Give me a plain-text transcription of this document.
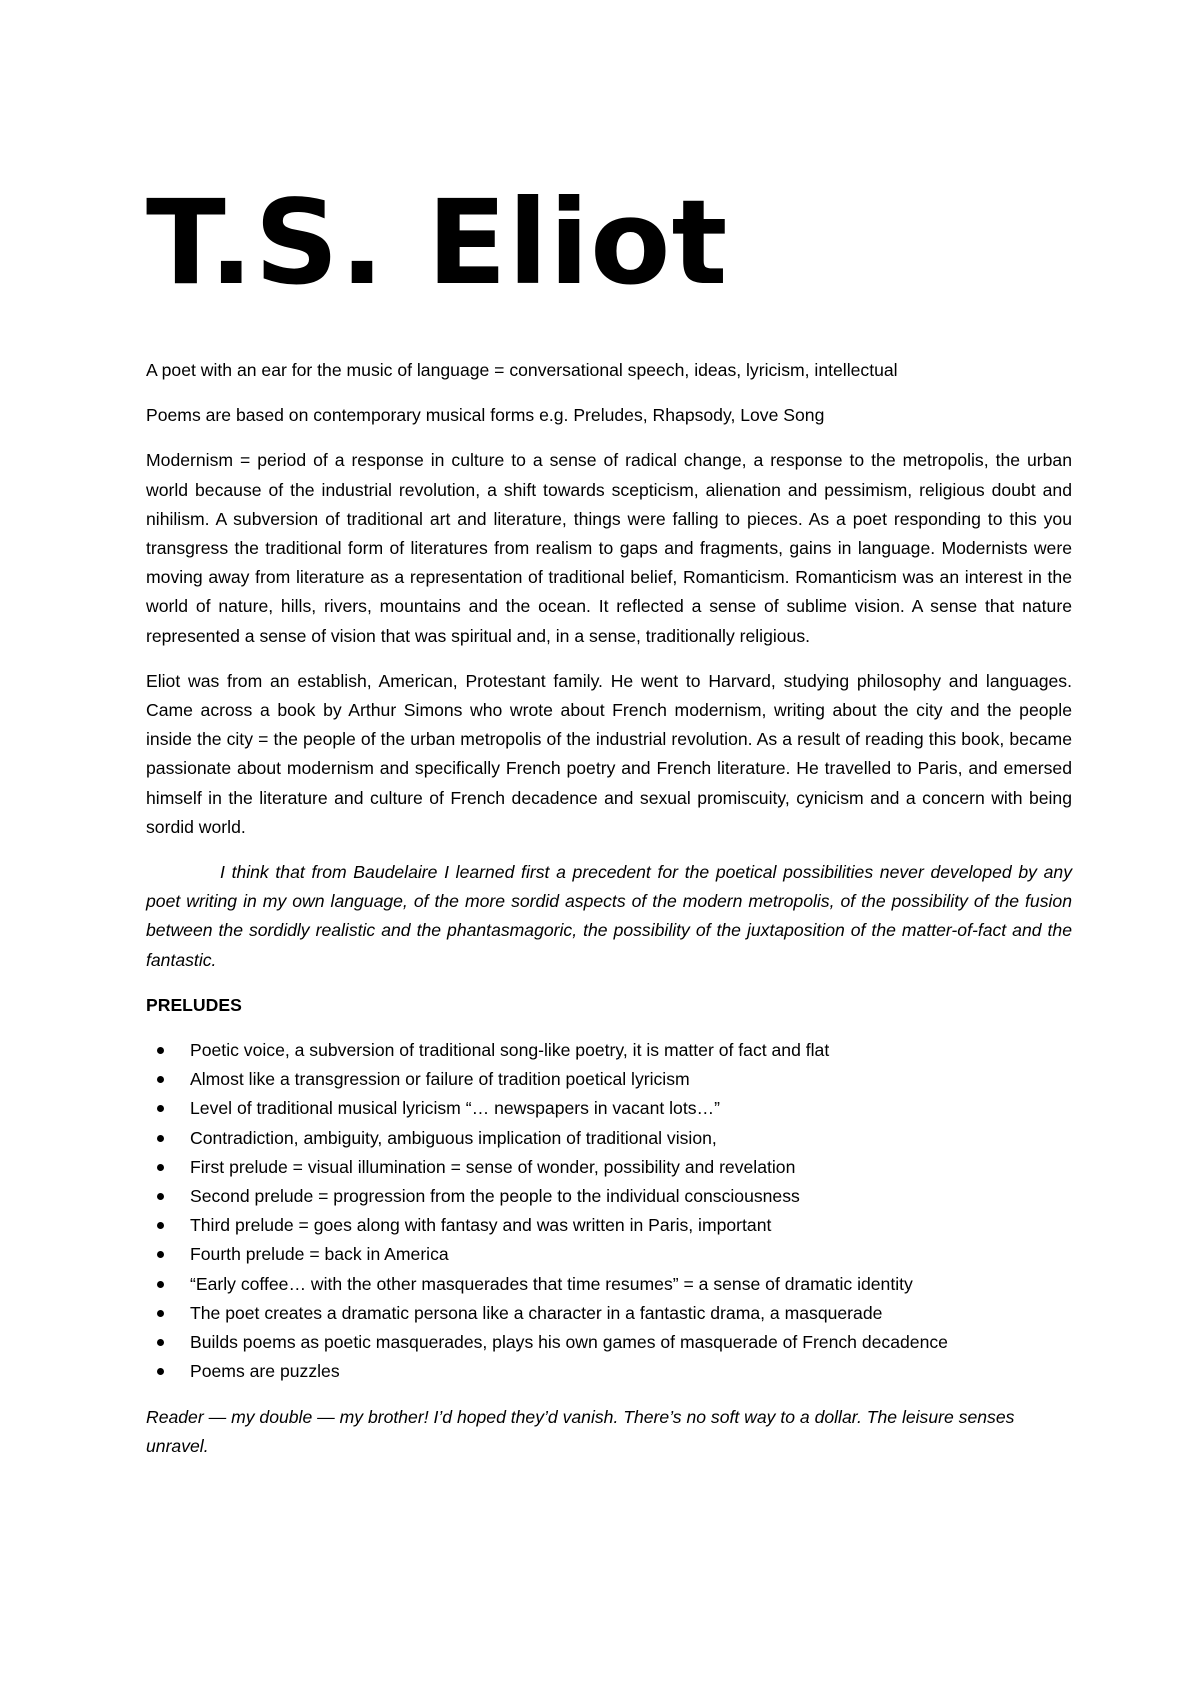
T.S. Eliot

A poet with an ear for the music of language = conversational speech, ideas, lyricism, intellectual

Poems are based on contemporary musical forms e.g. Preludes, Rhapsody, Love Song

Modernism = period of a response in culture to a sense of radical change, a response to the metropolis, the urban world because of the industrial revolution, a shift towards scepticism, alienation and pessimism, religious doubt and nihilism. A subversion of traditional art and literature, things were falling to pieces. As a poet responding to this you transgress the traditional form of literatures from realism to gaps and fragments, gains in language. Modernists were moving away from literature as a representation of traditional belief, Romanticism. Romanticism was an interest in the world of nature, hills, rivers, mountains and the ocean. It reflected a sense of sublime vision. A sense that nature represented a sense of vision that was spiritual and, in a sense, traditionally religious.

Eliot was from an establish, American, Protestant family. He went to Harvard, studying philosophy and languages. Came across a book by Arthur Simons who wrote about French modernism, writing about the city and the people inside the city = the people of the urban metropolis of the industrial revolution. As a result of reading this book, became passionate about modernism and specifically French poetry and French literature. He travelled to Paris, and emersed himself in the literature and culture of French decadence and sexual promiscuity, cynicism and a concern with being sordid world.

I think that from Baudelaire I learned first a precedent for the poetical possibilities never developed by any poet writing in my own language, of the more sordid aspects of the modern metropolis, of the possibility of the fusion between the sordidly realistic and the phantasmagoric, the possibility of the juxtaposition of the matter-of-fact and the fantastic.

PRELUDES

Poetic voice, a subversion of traditional song-like poetry, it is matter of fact and flat
Almost like a transgression or failure of tradition poetical lyricism
Level of traditional musical lyricism “… newspapers in vacant lots…”
Contradiction, ambiguity, ambiguous implication of traditional vision,
First prelude = visual illumination = sense of wonder, possibility and revelation
Second prelude = progression from the people to the individual consciousness
Third prelude = goes along with fantasy and was written in Paris, important
Fourth prelude = back in America
“Early coffee… with the other masquerades that time resumes” = a sense of dramatic identity
The poet creates a dramatic persona like a character in a fantastic drama, a masquerade
Builds poems as poetic masquerades, plays his own games of masquerade of French decadence
Poems are puzzles

Reader — my double — my brother! I’d hoped they’d vanish. There’s no soft way to a dollar. The leisure senses unravel.
